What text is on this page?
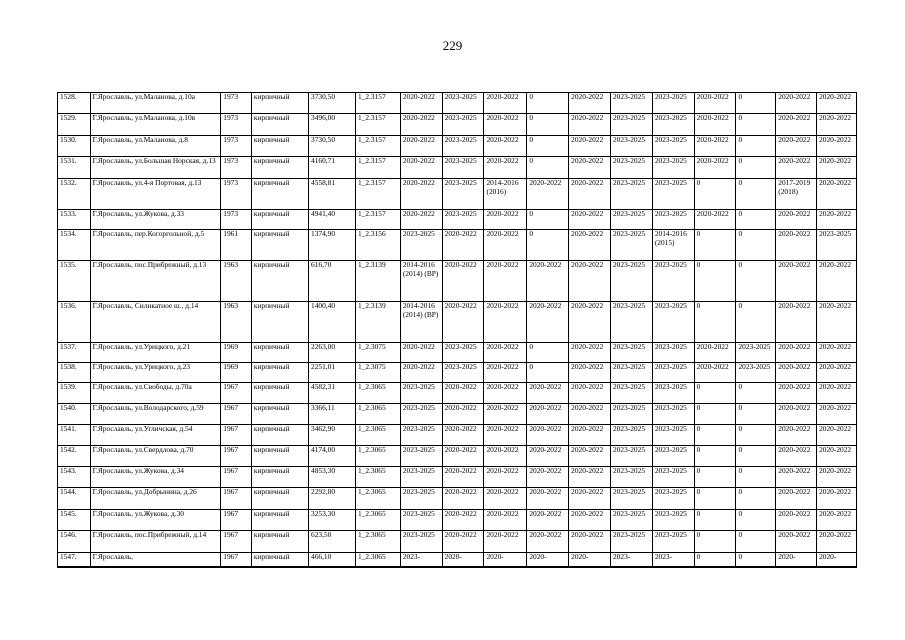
229
1528.	Г.Ярославль, ул.Маланова, д.10а	1973	кирпичный	3730,50	1_2.3157	2020-2022	2023-2025	2020-2022	0	2020-2022	2023-2025	2023-2025	2020-2022	0	2020-2022	2020-2022
1529.	Г.Ярославль, ул.Маланова, д.10в	1973	кирпичный	3496,00	1_2.3157	2020-2022	2023-2025	2020-2022	0	2020-2022	2023-2025	2023-2025	2020-2022	0	2020-2022	2020-2022
1530.	Г.Ярославль, ул.Маланова, д.8	1973	кирпичный	3730,50	1_2.3157	2020-2022	2023-2025	2020-2022	0	2020-2022	2023-2025	2023-2025	2020-2022	0	2020-2022	2020-2022
1531.	Г.Ярославль, ул.Большая Норская, д.13	1973	кирпичный	4160,71	1_2.3157	2020-2022	2023-2025	2020-2022	0	2020-2022	2023-2025	2023-2025	2020-2022	0	2020-2022	2020-2022
1532.	Г.Ярославль, ул.4-я Портовая, д.13	1973	кирпичный	4558,81	1_2.3157	2020-2022	2023-2025	2014-2016 (2016)	2020-2022	2020-2022	2023-2025	2023-2025	0	0	2017-2019 (2018)	2020-2022
1533.	Г.Ярославль, ул.Жукова, д.33	1973	кирпичный	4941,40	1_2.3157	2020-2022	2023-2025	2020-2022	0	2020-2022	2023-2025	2023-2025	2020-2022	0	2020-2022	2020-2022
1534.	Г.Ярославль, пер.Когоргольной, д.5	1961	кирпичный	1374,90	1_2.3156	2023-2025	2020-2022	2020-2022	0	2020-2022	2023-2025	2014-2016 (2015)	0	0	2020-2022	2023-2025
1535.	Г.Ярославль, пос.Прибрежный, д.13	1963	кирпичный	616,70	1_2.3139	2014-2016 (2014) (ВР)	2020-2022	2020-2022	2020-2022	2020-2022	2023-2025	2023-2025	0	0	2020-2022	2020-2022
1536.	Г.Ярославль, Силикатное ш., д.14	1963	кирпичный	1400,40	1_2.3139	2014-2016 (2014) (ВР)	2020-2022	2020-2022	2020-2022	2020-2022	2023-2025	2023-2025	0	0	2020-2022	2020-2022
1537.	Г.Ярославль, ул.Урицкого, д.21	1969	кирпичный	2263,00	1_2.3075	2020-2022	2023-2025	2020-2022	0	2020-2022	2023-2025	2023-2025	2020-2022	2023-2025	2020-2022	2020-2022
1538.	Г.Ярославль, ул.Урицкого, д.23	1969	кирпичный	2251,01	1_2.3075	2020-2022	2023-2025	2020-2022	0	2020-2022	2023-2025	2023-2025	2020-2022	2023-2025	2020-2022	2020-2022
1539.	Г.Ярославль, ул.Свободы, д.70а	1967	кирпичный	4582,31	1_2.3065	2023-2025	2020-2022	2020-2022	2020-2022	2020-2022	2023-2025	2023-2025	0	0	2020-2022	2020-2022
1540.	Г.Ярославль, ул.Володарского, д.59	1967	кирпичный	3366,11	1_2.3065	2023-2025	2020-2022	2020-2022	2020-2022	2020-2022	2023-2025	2023-2025	0	0	2020-2022	2020-2022
1541.	Г.Ярославль, ул.Угличская, д.54	1967	кирпичный	3462,90	1_2.3065	2023-2025	2020-2022	2020-2022	2020-2022	2020-2022	2023-2025	2023-2025	0	0	2020-2022	2020-2022
1542.	Г.Ярославль, ул.Свердлова, д.70	1967	кирпичный	4174,00	1_2.3065	2023-2025	2020-2022	2020-2022	2020-2022	2020-2022	2023-2025	2023-2025	0	0	2020-2022	2020-2022
1543.	Г.Ярославль, ул.Жукова, д.34	1967	кирпичный	4853,30	1_2.3065	2023-2025	2020-2022	2020-2022	2020-2022	2020-2022	2023-2025	2023-2025	0	0	2020-2022	2020-2022
1544.	Г.Ярославль, ул.Добрынина, д.26	1967	кирпичный	2292,80	1_2.3065	2023-2025	2020-2022	2020-2022	2020-2022	2020-2022	2023-2025	2023-2025	0	0	2020-2022	2020-2022
1545.	Г.Ярославль, ул.Жукова, д.30	1967	кирпичный	3253,30	1_2.3065	2023-2025	2020-2022	2020-2022	2020-2022	2020-2022	2023-2025	2023-2025	0	0	2020-2022	2020-2022
1546.	Г.Ярославль, пос.Прибрежный, д.14	1967	кирпичный	623,50	1_2.3065	2023-2025	2020-2022	2020-2022	2020-2022	2020-2022	2023-2025	2023-2025	0	0	2020-2022	2020-2022
1547.	Г.Ярославль,	1967	кирпичный	466,10	1_2.3065	2023-	2020-	2020-	2020-	2020-	2023-	2023-	0	0	2020-	2020-
